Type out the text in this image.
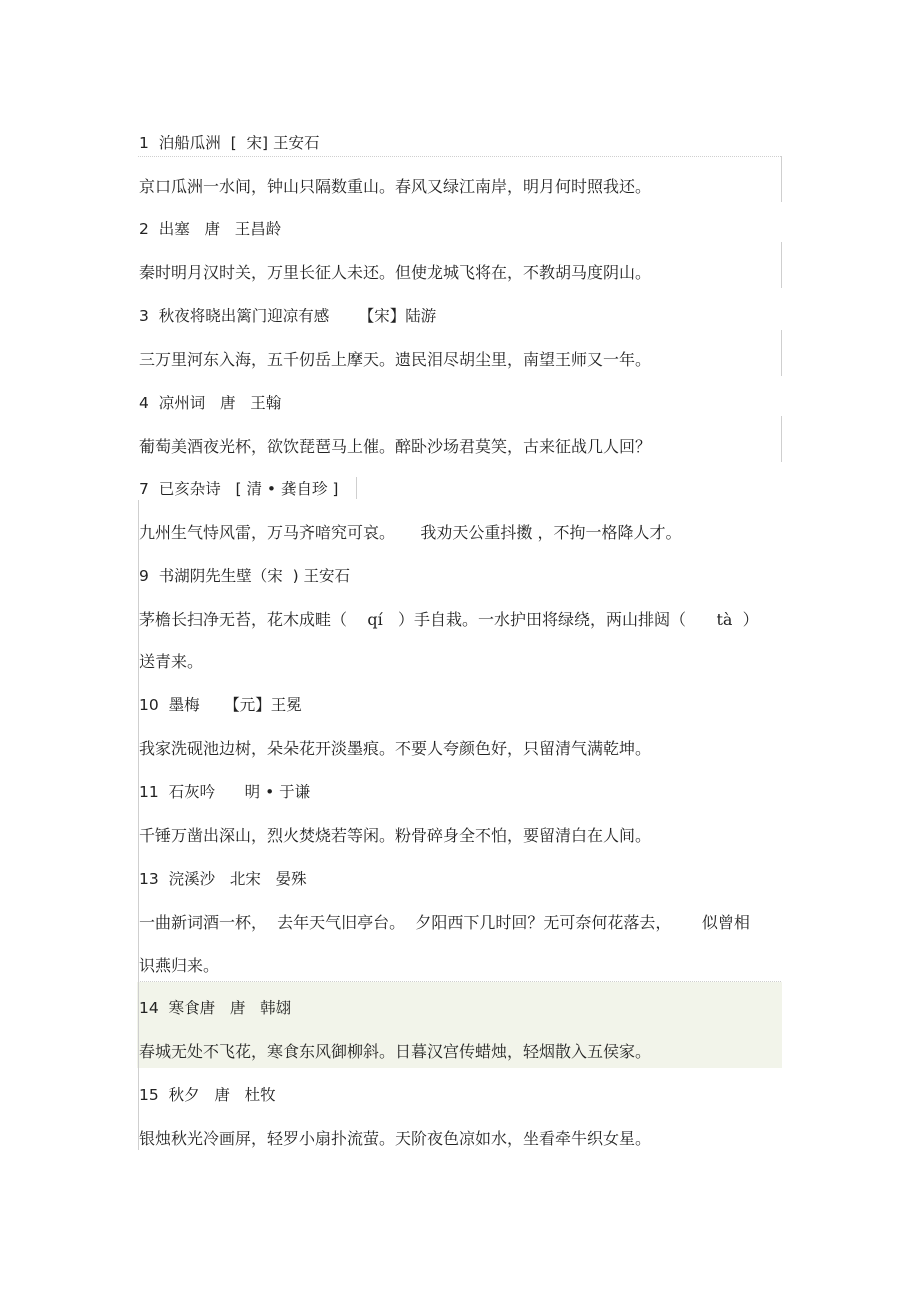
1  泊船瓜洲  [  宋] 王安石
京口瓜洲一水间，钟山只隔数重山。春风又绿江南岸，明月何时照我还。
2  出塞   唐   王昌龄
秦时明月汉时关，万里长征人未还。但使龙城飞将在，不教胡马度阴山。
3  秋夜将晓出篱门迎凉有感      【宋】陆游
三万里河东入海，五千仞岳上摩天。遗民泪尽胡尘里，南望王师又一年。
4  凉州词   唐   王翰
葡萄美酒夜光杯，欲饮琵琶马上催。醉卧沙场君莫笑，古来征战几人回？
7  已亥杂诗   [ 清 • 龚自珍 ]
九州生气恃风雷，万马齐喑究可哀。     我劝天公重抖擞 ，不拘一格降人才。
9  书湖阴先生壁（宋  ) 王安石
茅檐长扫净无苔，花木成畦（    qí   ）手自栽。一水护田将绿绕，两山排闼（      tà  ）
送青来。
10  墨梅     【元】王冕
我家洗砚池边树，朵朵花开淡墨痕。不要人夸颜色好，只留清气满乾坤。
11  石灰吟      明 • 于谦
千锤万凿出深山，烈火焚烧若等闲。粉骨碎身全不怕，要留清白在人间。
13  浣溪沙   北宋   晏殊
一曲新词酒一杯，  去年天气旧亭台。  夕阳西下几时回？无可奈何花落去，      似曾相
识燕归来。
14  寒食唐   唐   韩翃
春城无处不飞花，寒食东风御柳斜。日暮汉宫传蜡烛，轻烟散入五侯家。
15  秋夕   唐   杜牧
银烛秋光冷画屏，轻罗小扇扑流萤。天阶夜色凉如水，坐看牵牛织女星。
